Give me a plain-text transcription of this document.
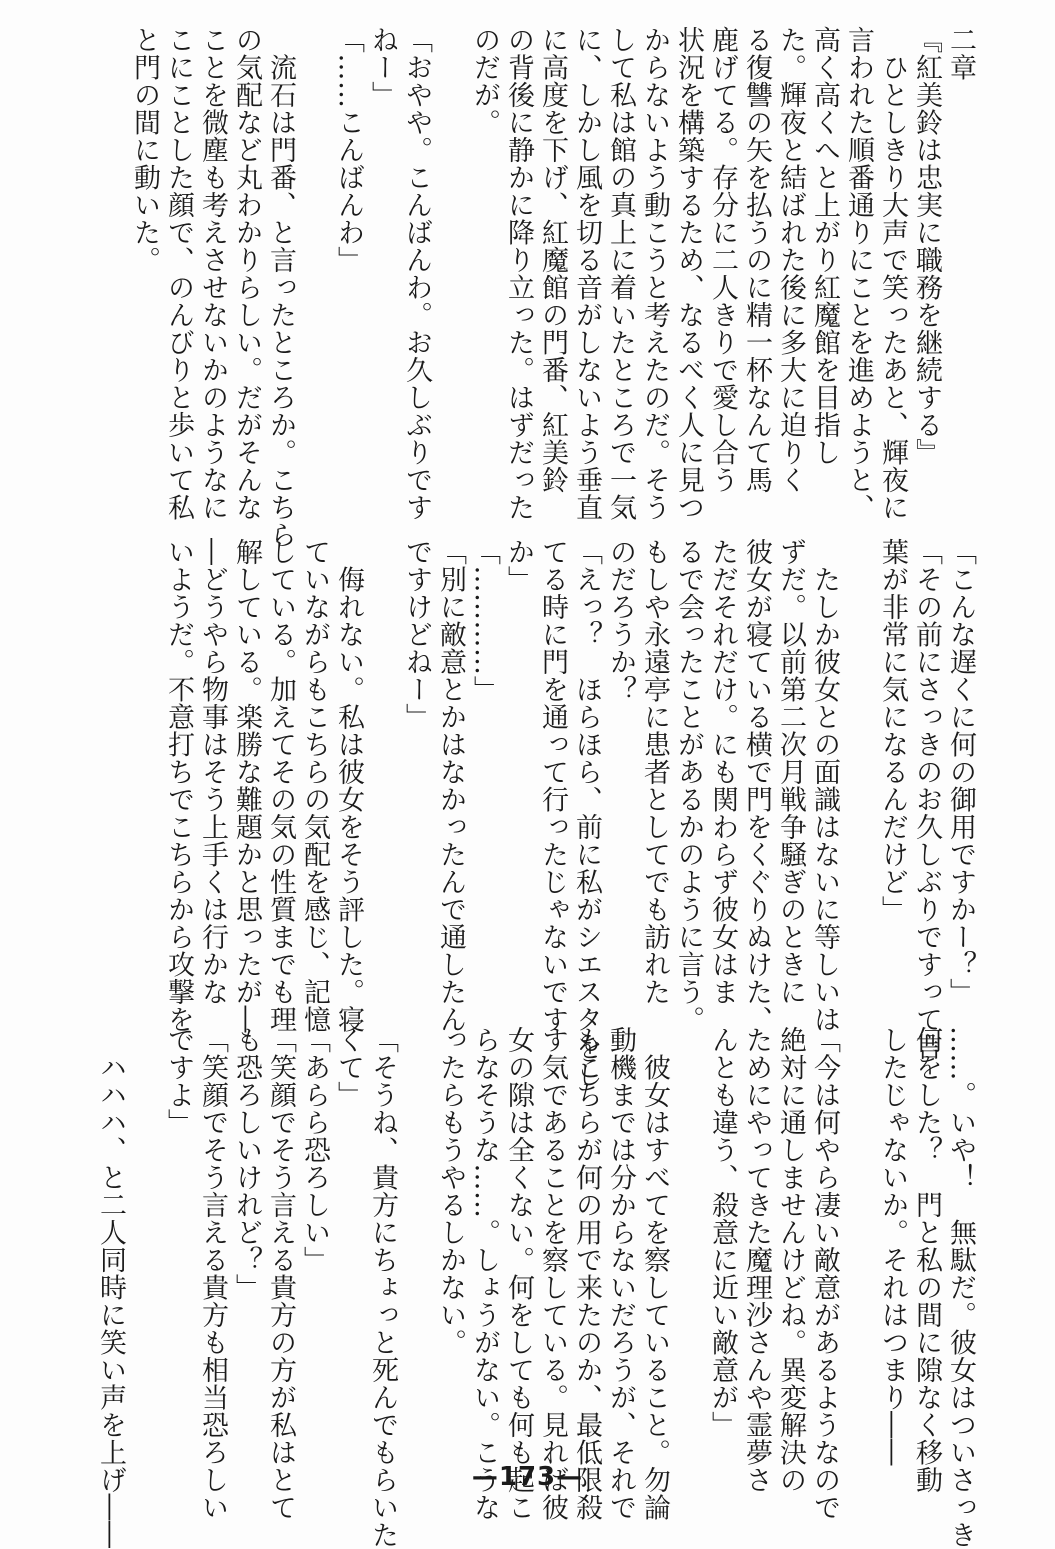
二章

『紅美鈴は忠実に職務を継続する』

　ひとしきり大声で笑ったあと、輝夜に

言われた順番通りにことを進めようと、

高く高くへと上がり紅魔館を目指し

た。輝夜と結ばれた後に多大に迫りく

る復讐の矢を払うのに精一杯なんて馬

鹿げてる。存分に二人きりで愛し合う

状況を構築するため、なるべく人に見つ

からないよう動こうと考えたのだ。そう

して私は館の真上に着いたところで一気

に、しかし風を切る音がしないよう垂直

に高度を下げ、紅魔館の門番、紅美鈴

の背後に静かに降り立った。はずだった

のだが。

「おやや。こんばんわ。お久しぶりです

ねー」

「……こんばんわ」

　流石は門番、と言ったところか。こちら

の気配など丸わかりらしい。だがそんな

ことを微塵も考えさせないかのようなに

こにことした顔で、のんびりと歩いて私

と門の間に動いた。

「こんな遅くに何の御用ですかー？」

「その前にさっきのお久しぶりですって言

葉が非常に気になるんだけど」

　たしか彼女との面識はないに等しいは

ずだ。以前第二次月戦争騒ぎのときに

彼女が寝ている横で門をくぐりぬけた、

ただそれだけ。にも関わらず彼女はま

るで会ったことがあるかのように言う。

もしや永遠亭に患者としてでも訪れた

のだろうか？

「えっ？　ほらほら、前に私がシエスタをし

てる時に門を通って行ったじゃないです

か」

「…………」

「別に敵意とかはなかったんで通したん

ですけどねー」

　侮れない。私は彼女をそう評した。寝

ていながらもこちらの気配を感じ、記憶

している。加えてその気の性質までも理

解している。楽勝な難題かと思ったが―

―どうやら物事はそう上手くは行かな

いようだ。不意打ちでこちらから攻撃を

……。いや！　無駄だ。彼女はついさっき

何をした？　門と私の間に隙なく移動

したじゃないか。それはつまり――

「今は何やら凄い敵意があるようなので

絶対に通しませんけどね。異変解決の

ためにやってきた魔理沙さんや霊夢さ

んとも違う、殺意に近い敵意が」

　彼女はすべてを察していること。勿論

動機までは分からないだろうが、それで

もこちらが何の用で来たのか、最低限殺

す気であることを察している。見れば彼

女の隙は全くない。何をしても何も起こ

らなそうな……。しょうがない。こうな

ったらもうやるしかない。

「そうね、貴方にちょっと死んでもらいた

くて」

「あらら恐ろしい」

「笑顔でそう言える貴方の方が私はとて

も恐ろしいけれど？」

「笑顔でそう言える貴方も相当恐ろしい

ですよ」

　ハハハ、と二人同時に笑い声を上げ――	—173—
